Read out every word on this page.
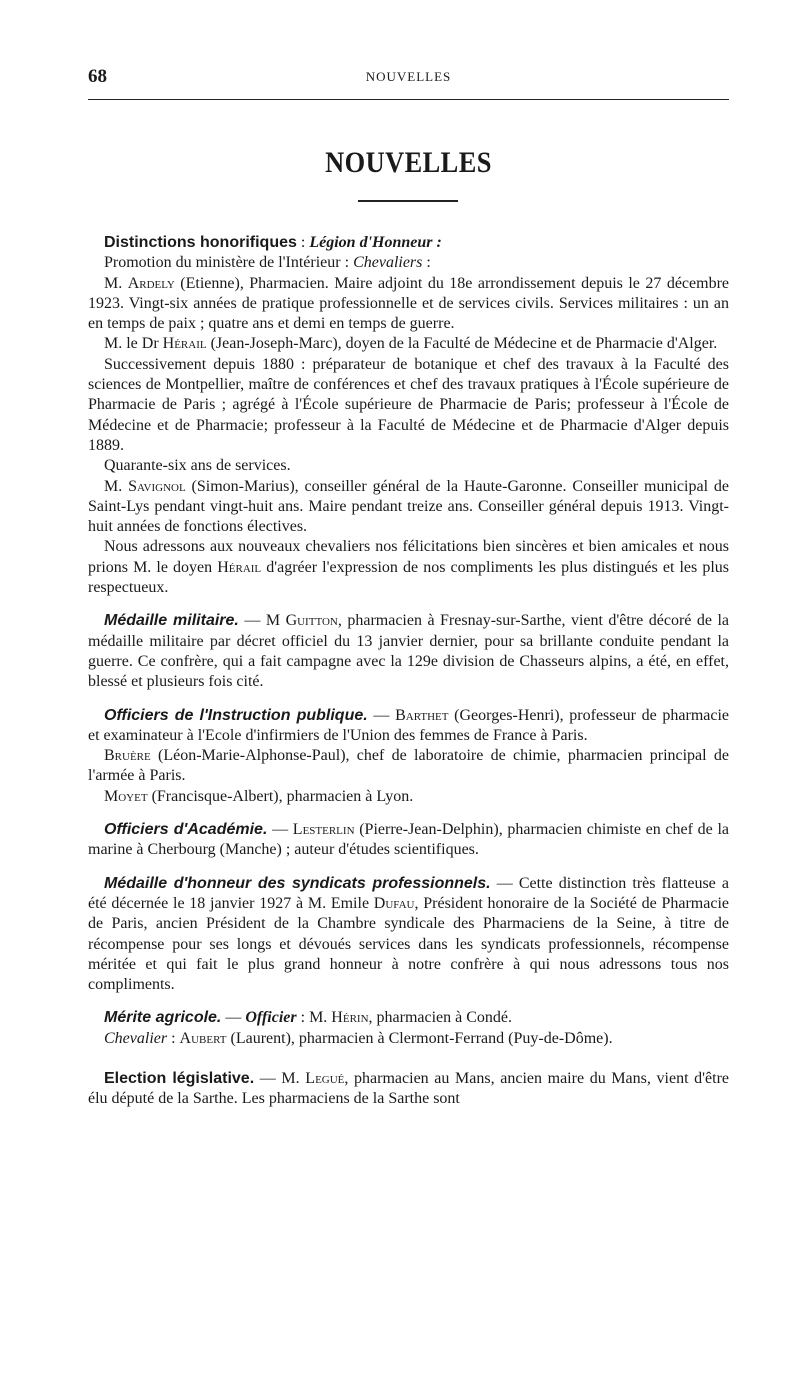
68	NOUVELLES
NOUVELLES

Distinctions honorifiques : Légion d'Honneur :

Promotion du ministère de l'Intérieur : Chevaliers :

M. Ardely (Etienne), Pharmacien. Maire adjoint du 18e arrondissement depuis le 27 décembre 1923. Vingt-six années de pratique professionnelle et de services civils. Services militaires : un an en temps de paix ; quatre ans et demi en temps de guerre.

M. le Dr Hérail (Jean-Joseph-Marc), doyen de la Faculté de Médecine et de Pharmacie d'Alger.

Successivement depuis 1880 : préparateur de botanique et chef des travaux à la Faculté des sciences de Montpellier, maître de conférences et chef des travaux pratiques à l'École supérieure de Pharmacie de Paris ; agrégé à l'École supérieure de Pharmacie de Paris; professeur à l'École de Médecine et de Pharmacie; professeur à la Faculté de Médecine et de Pharmacie d'Alger depuis 1889.

Quarante-six ans de services.

M. Savignol (Simon-Marius), conseiller général de la Haute-Garonne. Conseiller municipal de Saint-Lys pendant vingt-huit ans. Maire pendant treize ans. Conseiller général depuis 1913. Vingt-huit années de fonctions électives.

Nous adressons aux nouveaux chevaliers nos félicitations bien sincères et bien amicales et nous prions M. le doyen Hérail d'agréer l'expression de nos compliments les plus distingués et les plus respectueux.

Médaille militaire. — M Guitton, pharmacien à Fresnay-sur-Sarthe, vient d'être décoré de la médaille militaire par décret officiel du 13 janvier dernier, pour sa brillante conduite pendant la guerre. Ce confrère, qui a fait campagne avec la 129e division de Chasseurs alpins, a été, en effet, blessé et plusieurs fois cité.

Officiers de l'Instruction publique. — Barthet (Georges-Henri), professeur de pharmacie et examinateur à l'Ecole d'infirmiers de l'Union des femmes de France à Paris.

Bruère (Léon-Marie-Alphonse-Paul), chef de laboratoire de chimie, pharmacien principal de l'armée à Paris.

Moyet (Francisque-Albert), pharmacien à Lyon.

Officiers d'Académie. — Lesterlin (Pierre-Jean-Delphin), pharmacien chimiste en chef de la marine à Cherbourg (Manche) ; auteur d'études scientifiques.

Médaille d'honneur des syndicats professionnels. — Cette distinction très flatteuse a été décernée le 18 janvier 1927 à M. Emile Dufau, Président honoraire de la Société de Pharmacie de Paris, ancien Président de la Chambre syndicale des Pharmaciens de la Seine, à titre de récompense pour ses longs et dévoués services dans les syndicats professionnels, récompense méritée et qui fait le plus grand honneur à notre confrère à qui nous adressons tous nos compliments.

Mérite agricole. — Officier : M. Hérin, pharmacien à Condé.

Chevalier : Aubert (Laurent), pharmacien à Clermont-Ferrand (Puy-de-Dôme).

Election législative. — M. Legué, pharmacien au Mans, ancien maire du Mans, vient d'être élu député de la Sarthe. Les pharmaciens de la Sarthe sont
